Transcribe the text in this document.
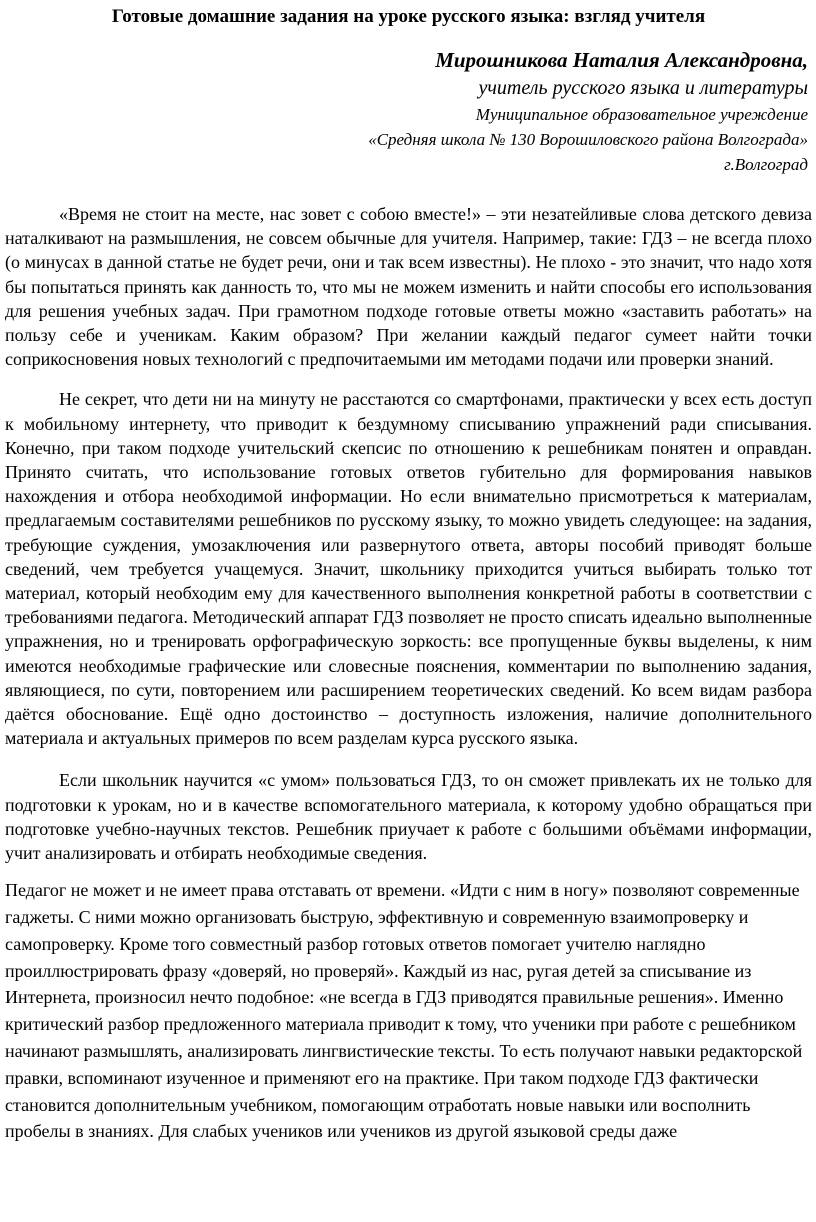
Готовые домашние задания на уроке русского языка: взгляд учителя
Мирошникова Наталия Александровна,
учитель русского языка и литературы
Муниципальное образовательное учреждение
«Средняя школа № 130 Ворошиловского района Волгограда»
г.Волгоград

«Время не стоит на месте, нас зовет с собою вместе!» – эти незатейливые слова детского девиза наталкивают на размышления, не совсем обычные для учителя. Например, такие: ГДЗ – не всегда плохо (о минусах в данной статье не будет речи, они и так всем известны). Не плохо - это значит, что надо хотя бы попытаться принять как данность то, что мы не можем изменить и найти способы его использования для решения учебных задач. При грамотном подходе готовые ответы можно «заставить работать» на пользу себе и ученикам. Каким образом? При желании каждый педагог сумеет найти точки соприкосновения новых технологий с предпочитаемыми им методами подачи или проверки знаний.

Не секрет, что дети ни на минуту не расстаются со смартфонами, практически у всех есть доступ к мобильному интернету, что приводит к бездумному списыванию упражнений ради списывания. Конечно, при таком подходе учительский скепсис по отношению к решебникам понятен и оправдан. Принято считать, что использование готовых ответов губительно для формирования навыков нахождения и отбора необходимой информации. Но если внимательно присмотреться к материалам, предлагаемым составителями решебников по русскому языку, то можно увидеть следующее: на задания, требующие суждения, умозаключения или развернутого ответа, авторы пособий приводят больше сведений, чем требуется учащемуся. Значит, школьнику приходится учиться выбирать только тот материал, который необходим ему для качественного выполнения конкретной работы в соответствии с требованиями педагога. Методический аппарат ГДЗ позволяет не просто списать идеально выполненные упражнения, но и тренировать орфографическую зоркость: все пропущенные буквы выделены, к ним имеются необходимые графические или словесные пояснения, комментарии по выполнению задания, являющиеся, по сути, повторением или расширением теоретических сведений. Ко всем видам разбора даётся обоснование. Ещё одно достоинство – доступность изложения, наличие дополнительного материала и актуальных примеров по всем разделам курса русского языка.

Если школьник научится «с умом» пользоваться ГДЗ, то он сможет привлекать их не только для подготовки к урокам, но и в качестве вспомогательного материала, к которому удобно обращаться при подготовке учебно-научных текстов. Решебник приучает к работе с большими объёмами информации, учит анализировать и отбирать необходимые сведения.

Педагог не может и не имеет права отставать от времени. «Идти с ним в ногу» позволяют современные гаджеты. С ними можно организовать быструю, эффективную и современную взаимопроверку и самопроверку. Кроме того совместный разбор готовых ответов помогает учителю наглядно проиллюстрировать фразу «доверяй, но проверяй». Каждый из нас, ругая детей за списывание из Интернета, произносил нечто подобное: «не всегда в ГДЗ приводятся правильные решения». Именно критический разбор предложенного материала приводит к тому, что ученики при работе с решебником начинают размышлять, анализировать лингвистические тексты. То есть получают навыки редакторской правки, вспоминают изученное и применяют его на практике. При таком подходе ГДЗ фактически становится дополнительным учебником, помогающим отработать новые навыки или восполнить пробелы в знаниях. Для слабых учеников или учеников из другой языковой среды даже
